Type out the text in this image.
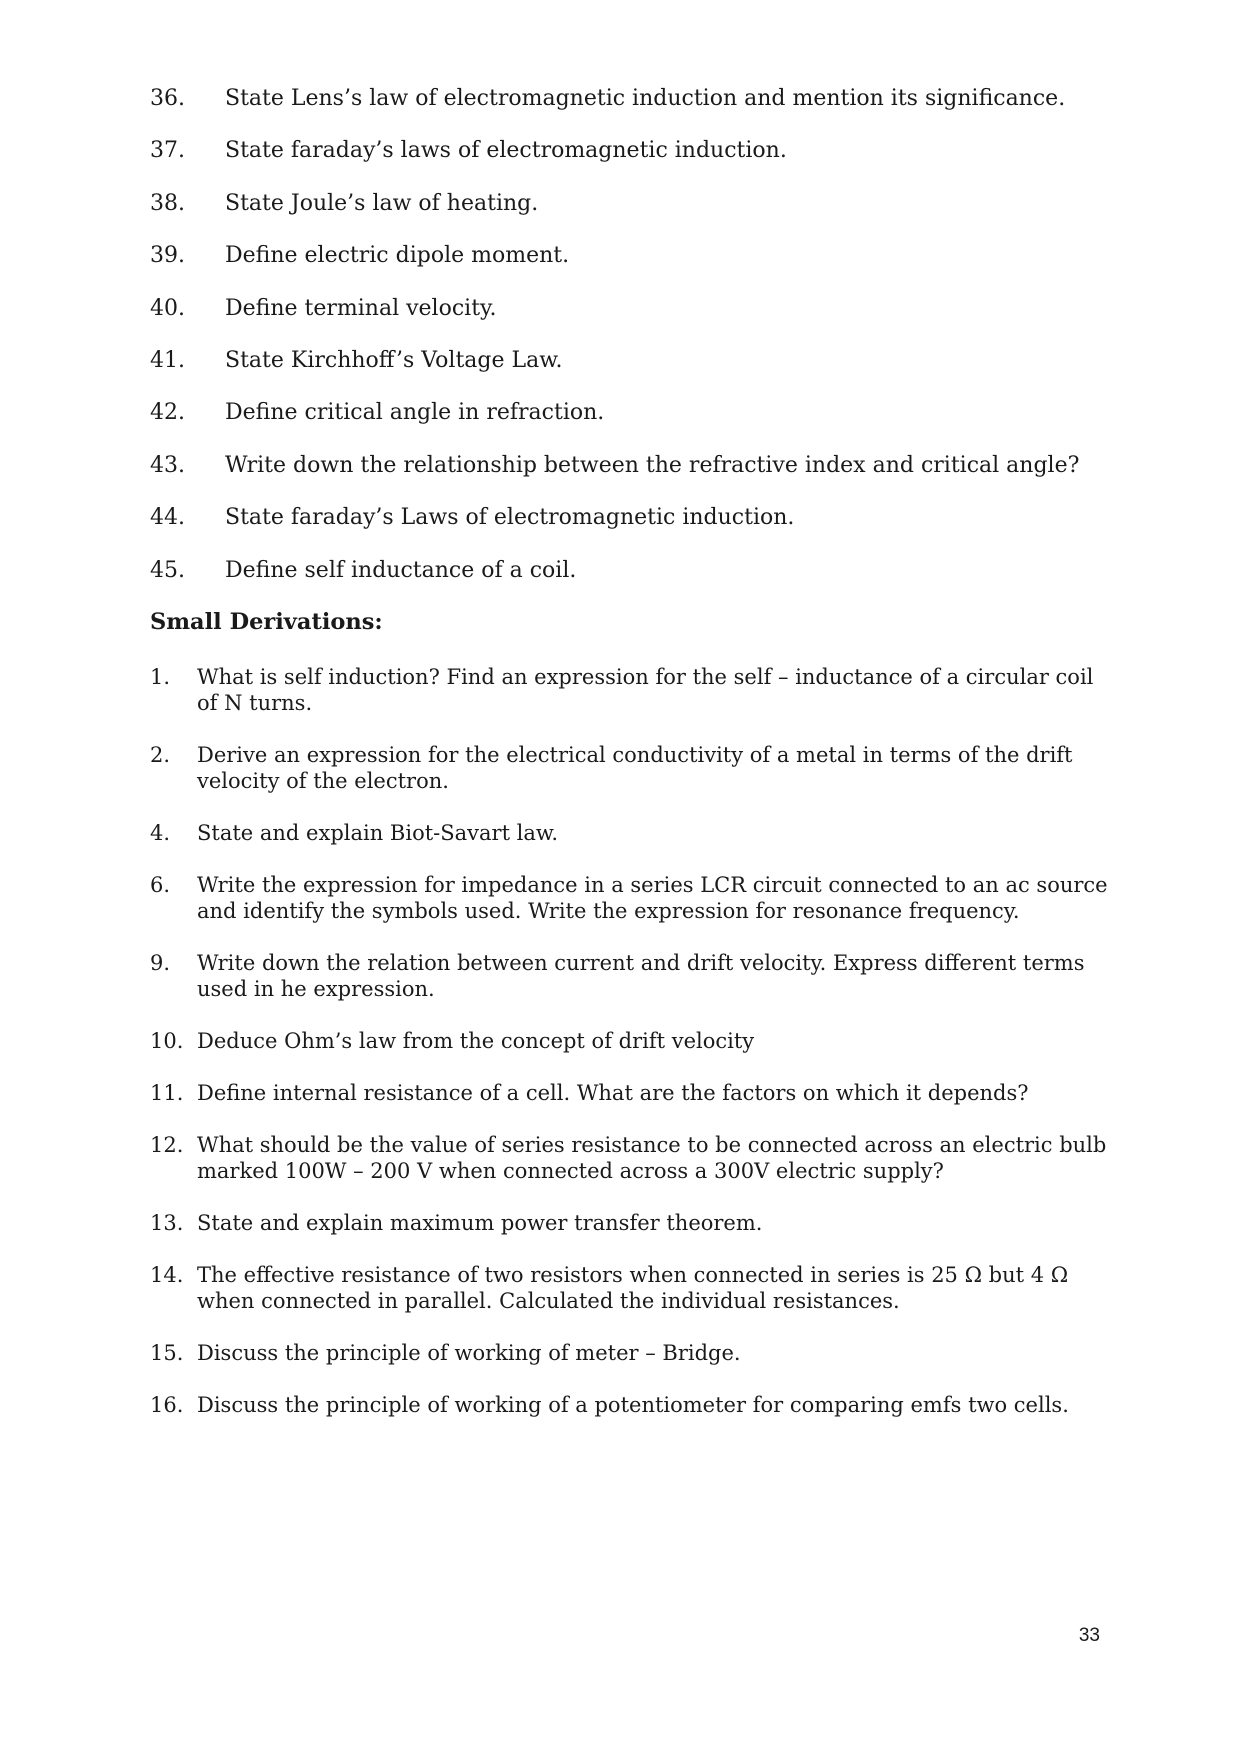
36.	State Lens’s law of electromagnetic induction and mention its significance.
37.	State faraday’s laws of electromagnetic induction.
38.	State Joule’s law of heating.
39.	Define electric dipole moment.
40.	Define terminal velocity.
41.	State Kirchhoff’s Voltage Law.
42.	Define critical angle in refraction.
43.	Write down the relationship between the refractive index and critical angle?
44.	State faraday’s Laws of electromagnetic induction.
45.	Define self inductance of a coil.
Small Derivations:
1.	What is self induction? Find an expression for the self – inductance of a circular coil of N turns.
2.	Derive an expression for the electrical conductivity of a metal in terms of the drift velocity of the electron.
4.	State and explain Biot-Savart law.
6.	Write the expression for impedance in a series LCR circuit connected to an ac source and identify the symbols used. Write the expression for resonance frequency.
9.	Write down the relation between current and drift velocity. Express different terms used in he expression.
10. Deduce Ohm’s law from the concept of drift velocity
11. Define internal resistance of a cell. What are the factors on which it depends?
12. What should be the value of series resistance to be connected across an electric bulb marked 100W – 200 V when connected across a 300V electric supply?
13. State and explain maximum power transfer theorem.
14. The effective resistance of two resistors when connected in series is 25 Ω but 4 Ω when connected in parallel. Calculated the individual resistances.
15. Discuss the principle of working of meter – Bridge.
16. Discuss the principle of working of a potentiometer for comparing emfs two cells.
33
